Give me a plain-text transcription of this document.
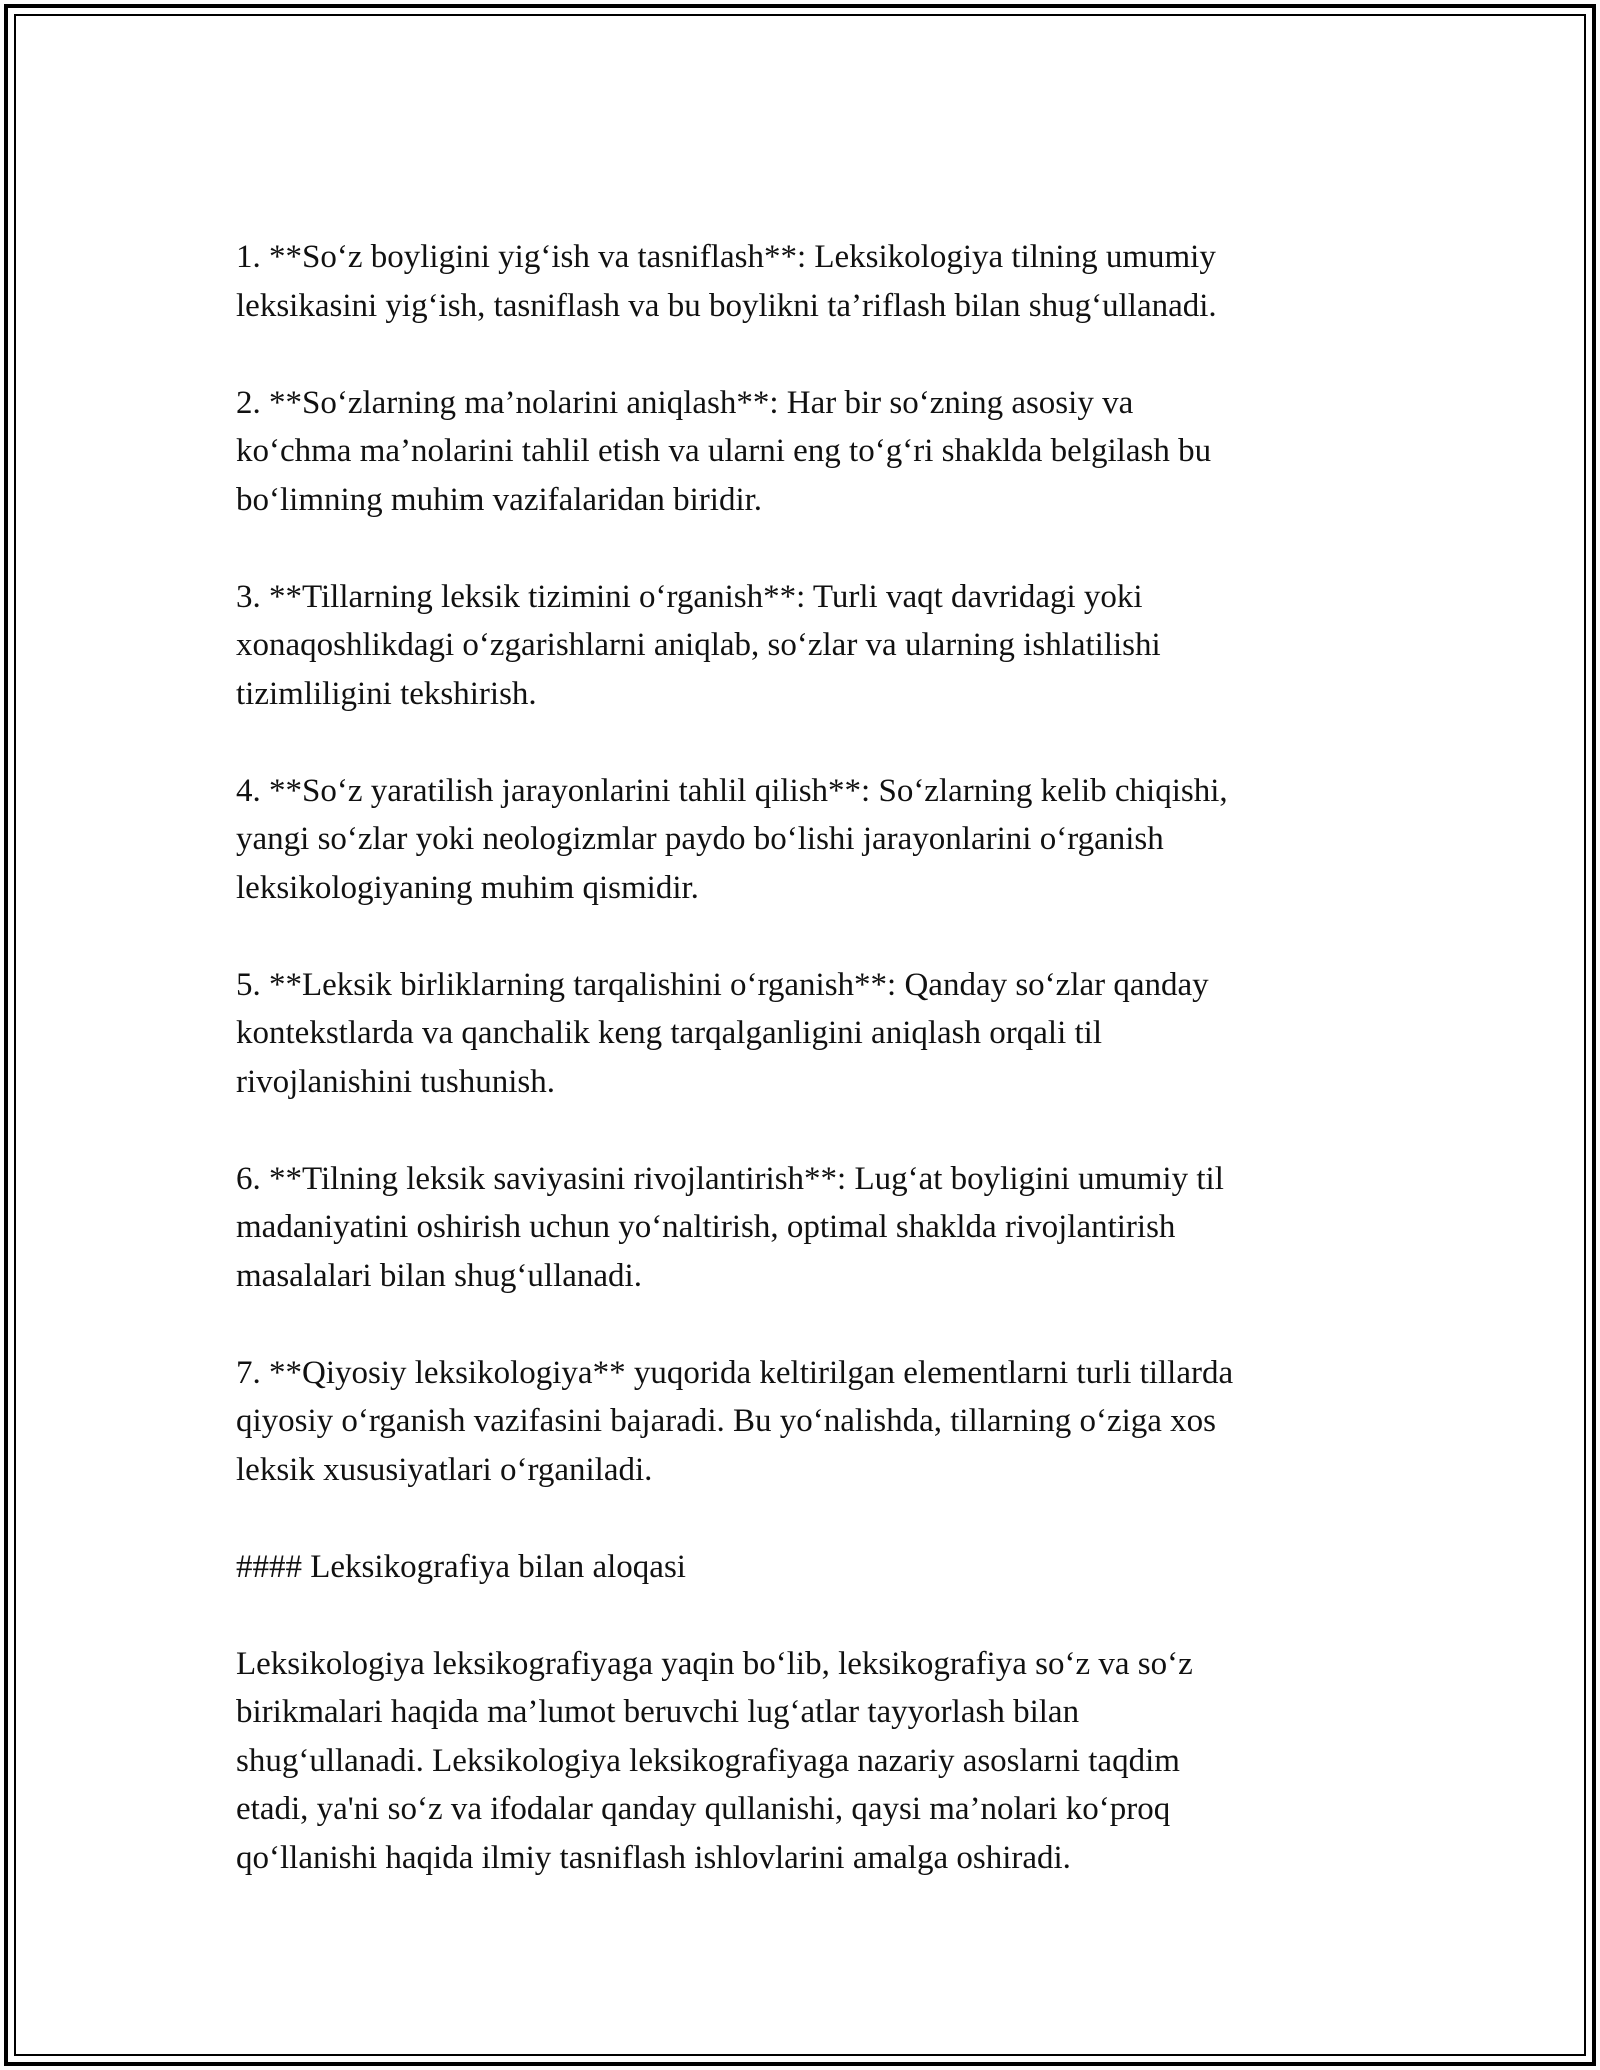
1. **So‘z boyligini yig‘ish va tasniflash**: Leksikologiya tilning umumiy
leksikasini yig‘ish, tasniflash va bu boylikni ta’riflash bilan shug‘ullanadi.

2. **So‘zlarning ma’nolarini aniqlash**: Har bir so‘zning asosiy va
ko‘chma ma’nolarini tahlil etish va ularni eng to‘g‘ri shaklda belgilash bu
bo‘limning muhim vazifalaridan biridir.

3. **Tillarning leksik tizimini o‘rganish**: Turli vaqt davridagi yoki
xonaqoshlikdagi o‘zgarishlarni aniqlab, so‘zlar va ularning ishlatilishi
tizimliligini tekshirish.

4. **So‘z yaratilish jarayonlarini tahlil qilish**: So‘zlarning kelib chiqishi,
yangi so‘zlar yoki neologizmlar paydo bo‘lishi jarayonlarini o‘rganish
leksikologiyaning muhim qismidir.

5. **Leksik birliklarning tarqalishini o‘rganish**: Qanday so‘zlar qanday
kontekstlarda va qanchalik keng tarqalganligini aniqlash orqali til
rivojlanishini tushunish.

6. **Tilning leksik saviyasini rivojlantirish**: Lug‘at boyligini umumiy til
madaniyatini oshirish uchun yo‘naltirish, optimal shaklda rivojlantirish
masalalari bilan shug‘ullanadi.

7. **Qiyosiy leksikologiya** yuqorida keltirilgan elementlarni turli tillarda
qiyosiy o‘rganish vazifasini bajaradi. Bu yo‘nalishda, tillarning o‘ziga xos
leksik xususiyatlari o‘rganiladi.

#### Leksikografiya bilan aloqasi

Leksikologiya leksikografiyaga yaqin bo‘lib, leksikografiya so‘z va so‘z
birikmalari haqida ma’lumot beruvchi lug‘atlar tayyorlash bilan
shug‘ullanadi. Leksikologiya leksikografiyaga nazariy asoslarni taqdim
etadi, ya'ni so‘z va ifodalar qanday qullanishi, qaysi ma’nolari ko‘proq
qo‘llanishi haqida ilmiy tasniflash ishlovlarini amalga oshiradi.
